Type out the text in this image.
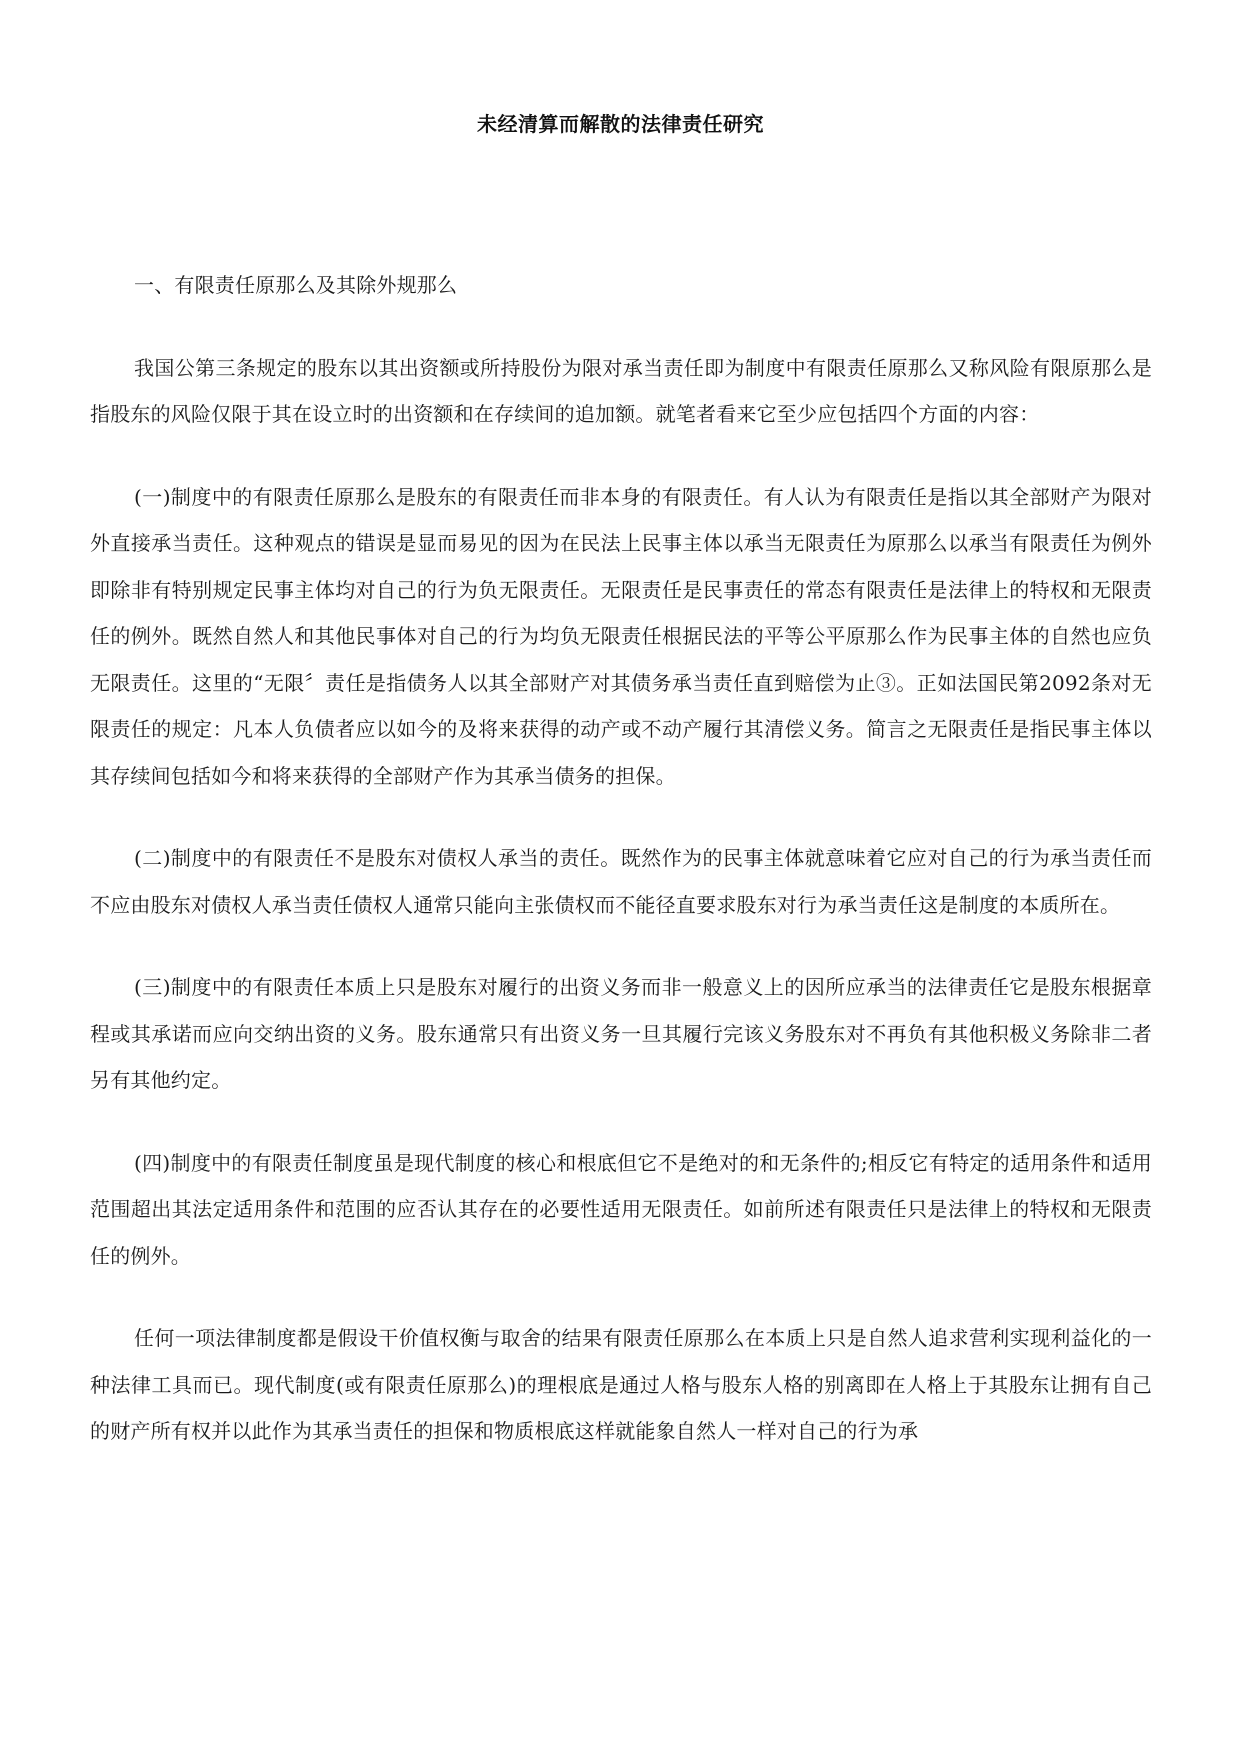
未经清算而解散的法律责任研究

一、有限责任原那么及其除外规那么

我国公第三条规定的股东以其出资额或所持股份为限对承当责任即为制度中有限责任原那么又称风险有限原那么是指股东的风险仅限于其在设立时的出资额和在存续间的追加额。就笔者看来它至少应包括四个方面的内容：

(一)制度中的有限责任原那么是股东的有限责任而非本身的有限责任。有人认为有限责任是指以其全部财产为限对外直接承当责任。这种观点的错误是显而易见的因为在民法上民事主体以承当无限责任为原那么以承当有限责任为例外即除非有特别规定民事主体均对自己的行为负无限责任。无限责任是民事责任的常态有限责任是法律上的特权和无限责任的例外。既然自然人和其他民事体对自己的行为均负无限责任根据民法的平等公平原那么作为民事主体的自然也应负无限责任。这里的“无限〞责任是指债务人以其全部财产对其债务承当责任直到赔偿为止③。正如法国民第2092条对无限责任的规定：凡本人负债者应以如今的及将来获得的动产或不动产履行其清偿义务。简言之无限责任是指民事主体以其存续间包括如今和将来获得的全部财产作为其承当债务的担保。

(二)制度中的有限责任不是股东对债权人承当的责任。既然作为的民事主体就意味着它应对自己的行为承当责任而不应由股东对债权人承当责任债权人通常只能向主张债权而不能径直要求股东对行为承当责任这是制度的本质所在。

(三)制度中的有限责任本质上只是股东对履行的出资义务而非一般意义上的因所应承当的法律责任它是股东根据章程或其承诺而应向交纳出资的义务。股东通常只有出资义务一旦其履行完该义务股东对不再负有其他积极义务除非二者另有其他约定。

(四)制度中的有限责任制度虽是现代制度的核心和根底但它不是绝对的和无条件的;相反它有特定的适用条件和适用范围超出其法定适用条件和范围的应否认其存在的必要性适用无限责任。如前所述有限责任只是法律上的特权和无限责任的例外。

任何一项法律制度都是假设干价值权衡与取舍的结果有限责任原那么在本质上只是自然人追求营利实现利益化的一种法律工具而已。现代制度(或有限责任原那么)的理根底是通过人格与股东人格的别离即在人格上于其股东让拥有自己的财产所有权并以此作为其承当责任的担保和物质根底这样就能象自然人一样对自己的行为承
